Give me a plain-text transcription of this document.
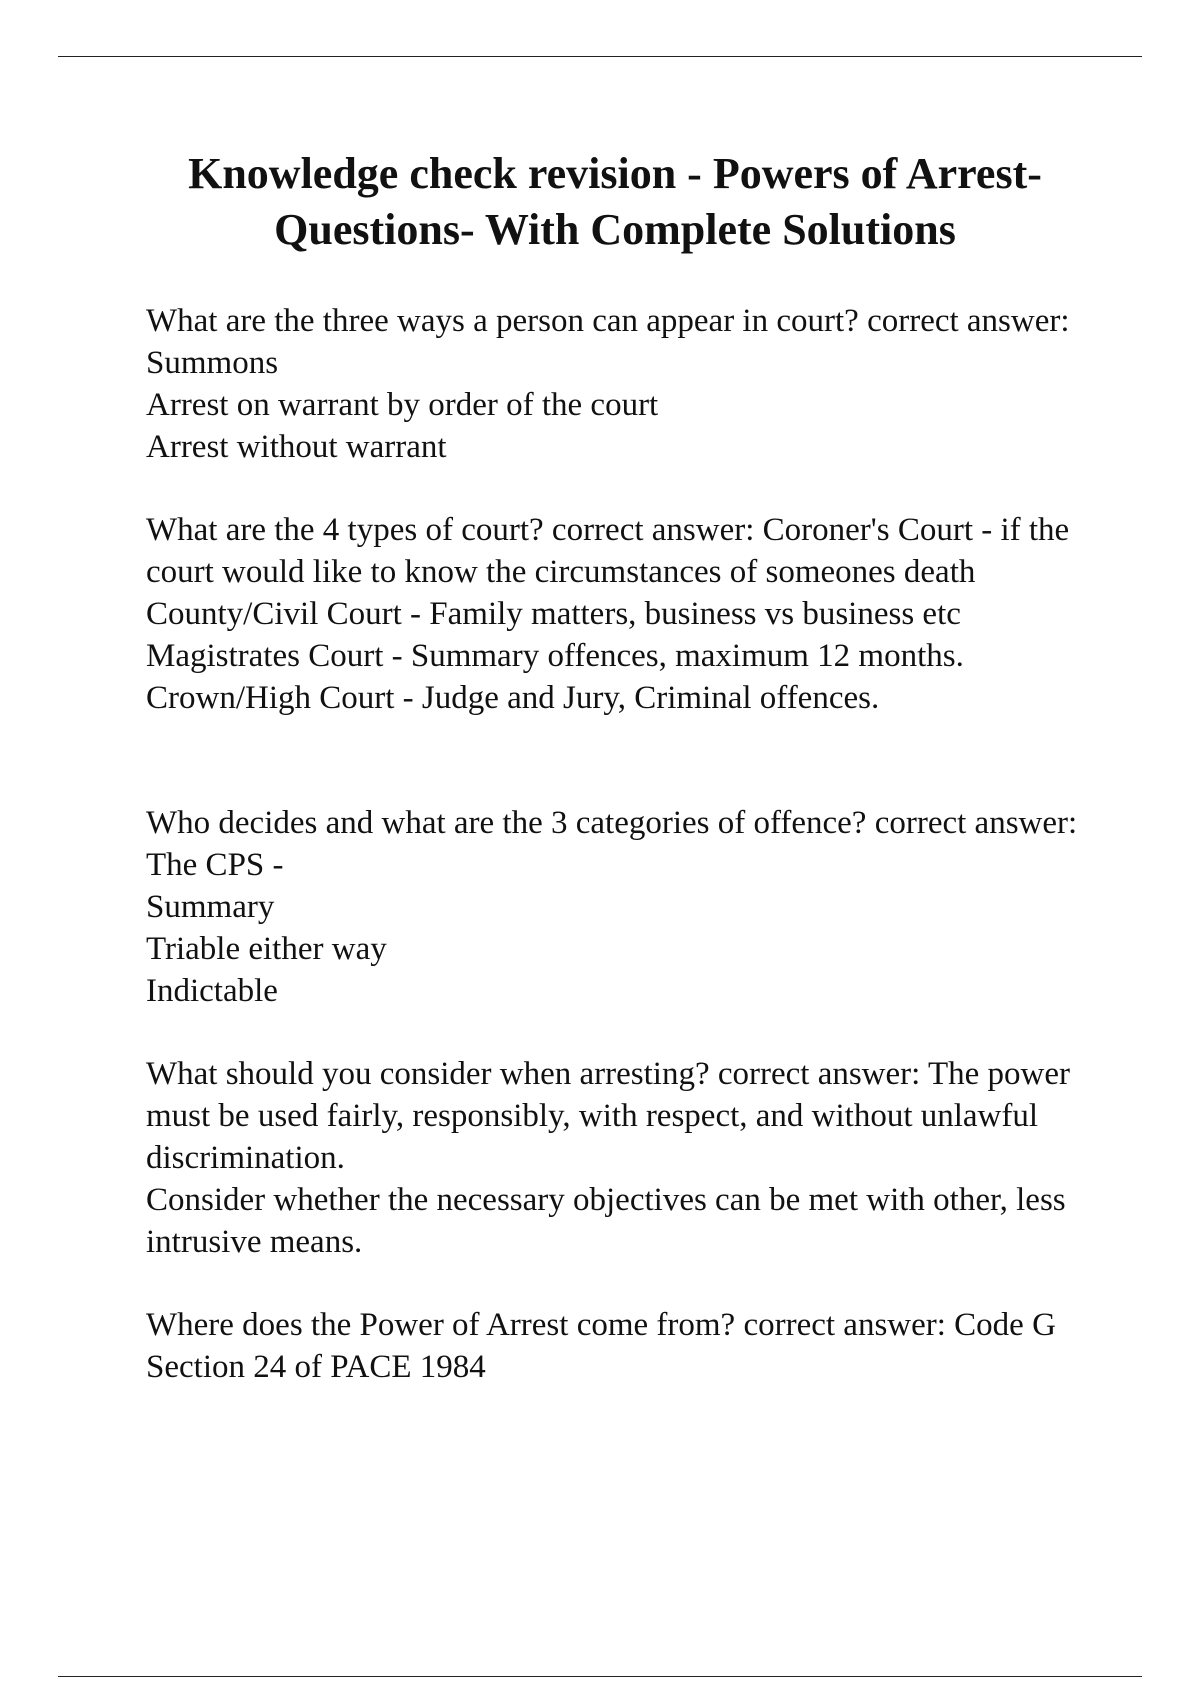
Knowledge check revision - Powers of Arrest- Questions- With Complete Solutions
What are the three ways a person can appear in court? correct answer: Summons
Arrest on warrant by order of the court
Arrest without warrant
What are the 4 types of court? correct answer: Coroner's Court - if the court would like to know the circumstances of someones death
County/Civil Court - Family matters, business vs business etc
Magistrates Court - Summary offences, maximum 12 months.
Crown/High Court - Judge and Jury, Criminal offences.
Who decides and what are the 3 categories of offence? correct answer: The CPS -
Summary
Triable either way
Indictable
What should you consider when arresting? correct answer: The power must be used fairly, responsibly, with respect, and without unlawful discrimination.
Consider whether the necessary objectives can be met with other, less intrusive means.
Where does the Power of Arrest come from? correct answer: Code G Section 24 of PACE 1984
